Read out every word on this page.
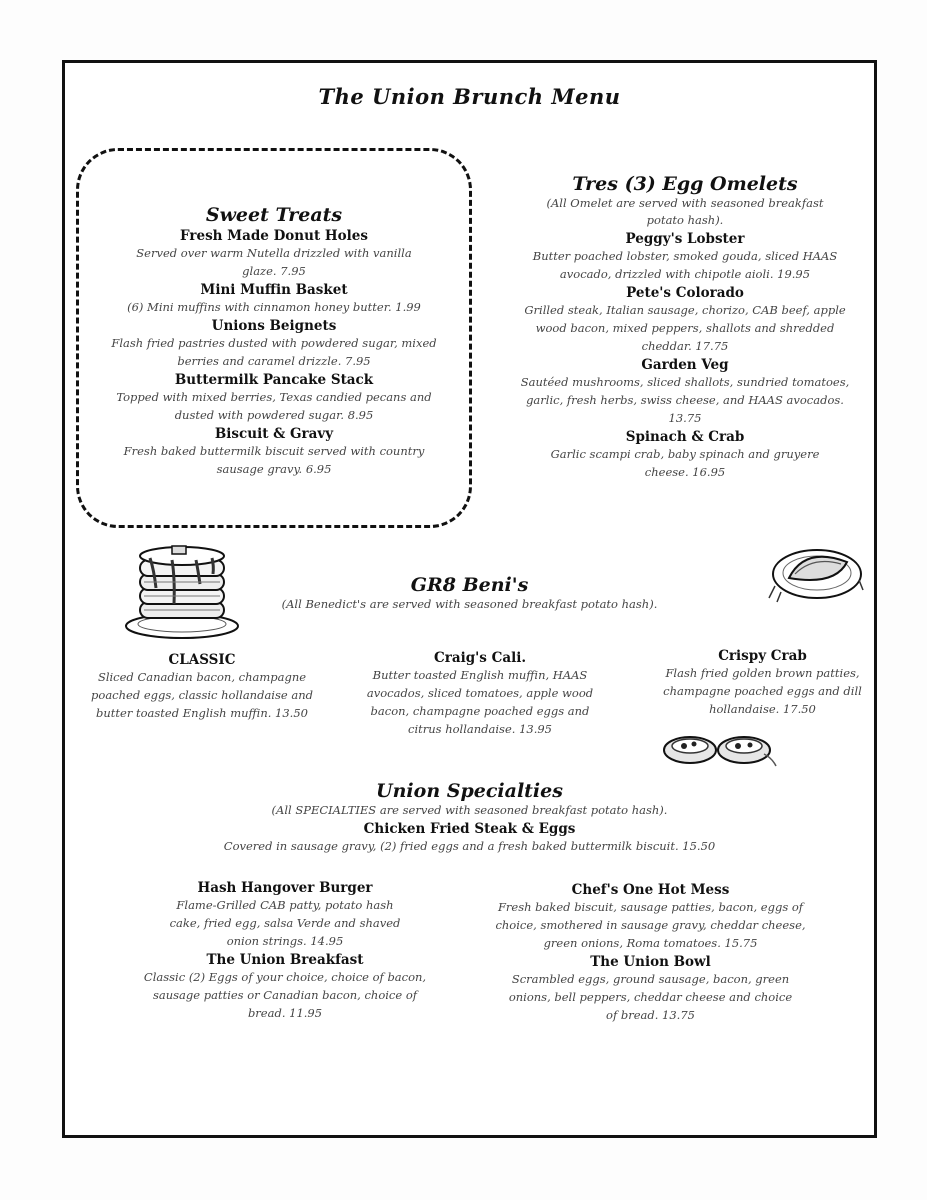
The Union Brunch Menu
Sweet Treats
Fresh Made Donut Holes
Served over warm Nutella drizzled with vanilla glaze. 7.95
Mini Muffin Basket
(6) Mini muffins with cinnamon honey butter. 1.99
Unions Beignets
Flash fried pastries dusted with powdered sugar, mixed berries and caramel drizzle. 7.95
Buttermilk Pancake Stack
Topped with mixed berries, Texas candied pecans and dusted with powdered sugar. 8.95
Biscuit & Gravy
Fresh baked buttermilk biscuit served with country sausage gravy. 6.95
Tres (3) Egg Omelets
(All Omelet are served with seasoned breakfast potato hash).
Peggy's Lobster
Butter poached lobster, smoked gouda, sliced HAAS avocado, drizzled with chipotle aioli. 19.95
Pete's Colorado
Grilled steak, Italian sausage, chorizo, CAB beef, apple wood bacon, mixed peppers, shallots and shredded cheddar. 17.75
Garden Veg
Sautéed mushrooms, sliced shallots, sundried tomatoes, garlic, fresh herbs, swiss cheese, and HAAS avocados. 13.75
Spinach & Crab
Garlic scampi crab, baby spinach and gruyere cheese. 16.95
GR8 Beni's
(All Benedict's are served with seasoned breakfast potato hash).
CLASSIC
Sliced Canadian bacon, champagne poached eggs, classic hollandaise and butter toasted English muffin. 13.50
Craig's Cali.
Butter toasted English muffin, HAAS avocados, sliced tomatoes, apple wood bacon, champagne poached eggs and citrus hollandaise. 13.95
Crispy Crab
Flash fried golden brown patties, champagne poached eggs and dill hollandaise. 17.50
Union Specialties
(All SPECIALTIES are served with seasoned breakfast potato hash).
Chicken Fried Steak & Eggs
Covered in sausage gravy, (2) fried eggs and a fresh baked buttermilk biscuit. 15.50
Hash Hangover Burger
Flame-Grilled CAB patty, potato hash cake, fried egg, salsa Verde and shaved onion strings. 14.95
The Union Breakfast
Classic (2) Eggs of your choice, choice of bacon, sausage patties or Canadian bacon, choice of bread. 11.95
Chef's One Hot Mess
Fresh baked biscuit, sausage patties, bacon, eggs of choice, smothered in sausage gravy, cheddar cheese, green onions, Roma tomatoes. 15.75
The Union Bowl
Scrambled eggs, ground sausage, bacon, green onions, bell peppers, cheddar cheese and choice of bread. 13.75
